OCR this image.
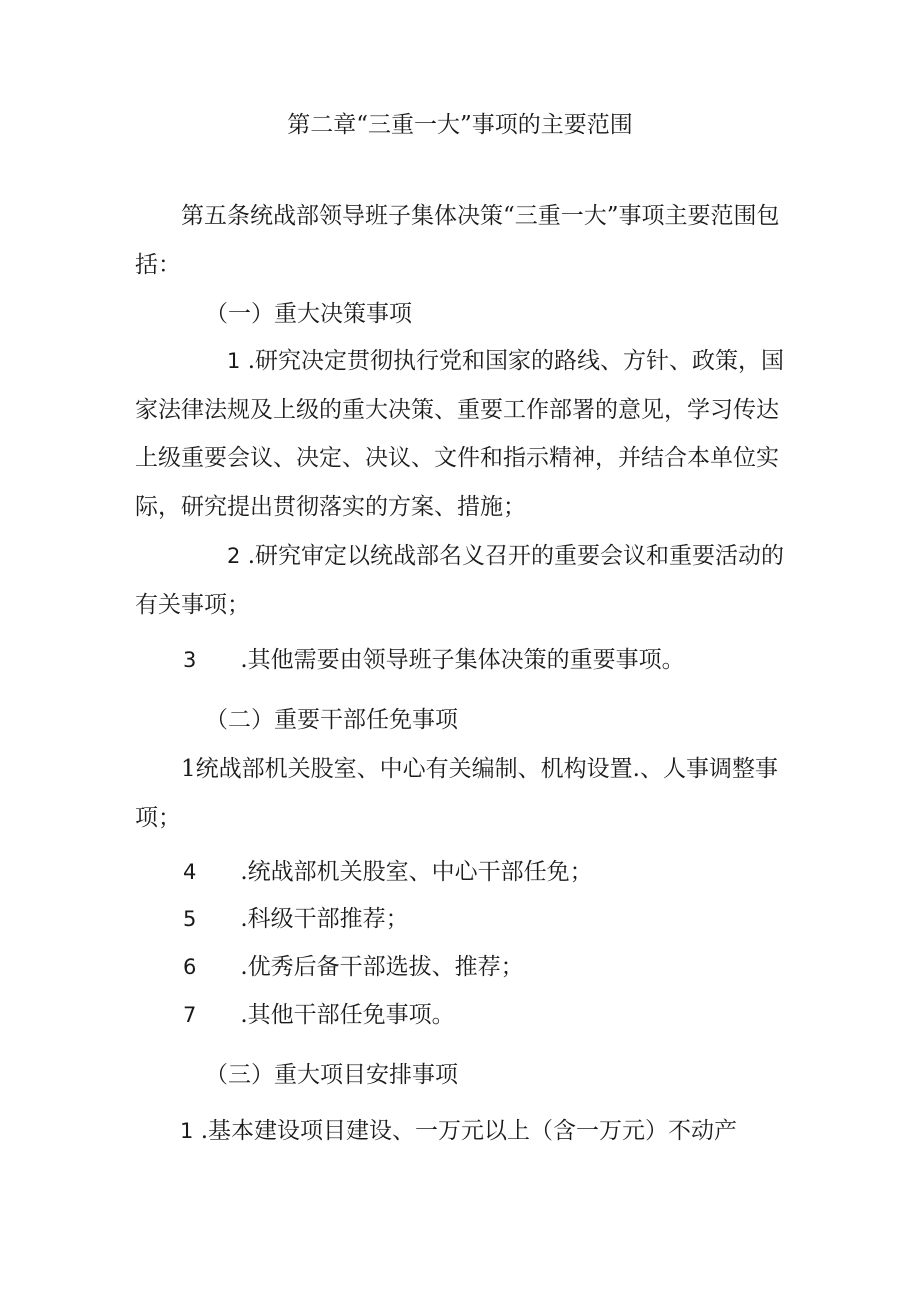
第二章“三重一大”事项的主要范围

第五条统战部领导班子集体决策“三重一大”事项主要范围包括：

（一）重大决策事项

1 .研究决定贯彻执行党和国家的路线、方针、政策，国家法律法规及上级的重大决策、重要工作部署的意见，学习传达上级重要会议、决定、决议、文件和指示精神，并结合本单位实际，研究提出贯彻落实的方案、措施；

2 .研究审定以统战部名义召开的重要会议和重要活动的有关事项；

3 .其他需要由领导班子集体决策的重要事项。
（二）重要干部任免事项

1统战部机关股室、中心有关编制、机构设置.、人事调整事项；

4 .统战部机关股室、中心干部任免；
5 .科级干部推荐；
6 .优秀后备干部选拔、推荐；
7 .其他干部任免事项。
（三）重大项目安排事项
1 .基本建设项目建设、一万元以上（含一万元）不动产
